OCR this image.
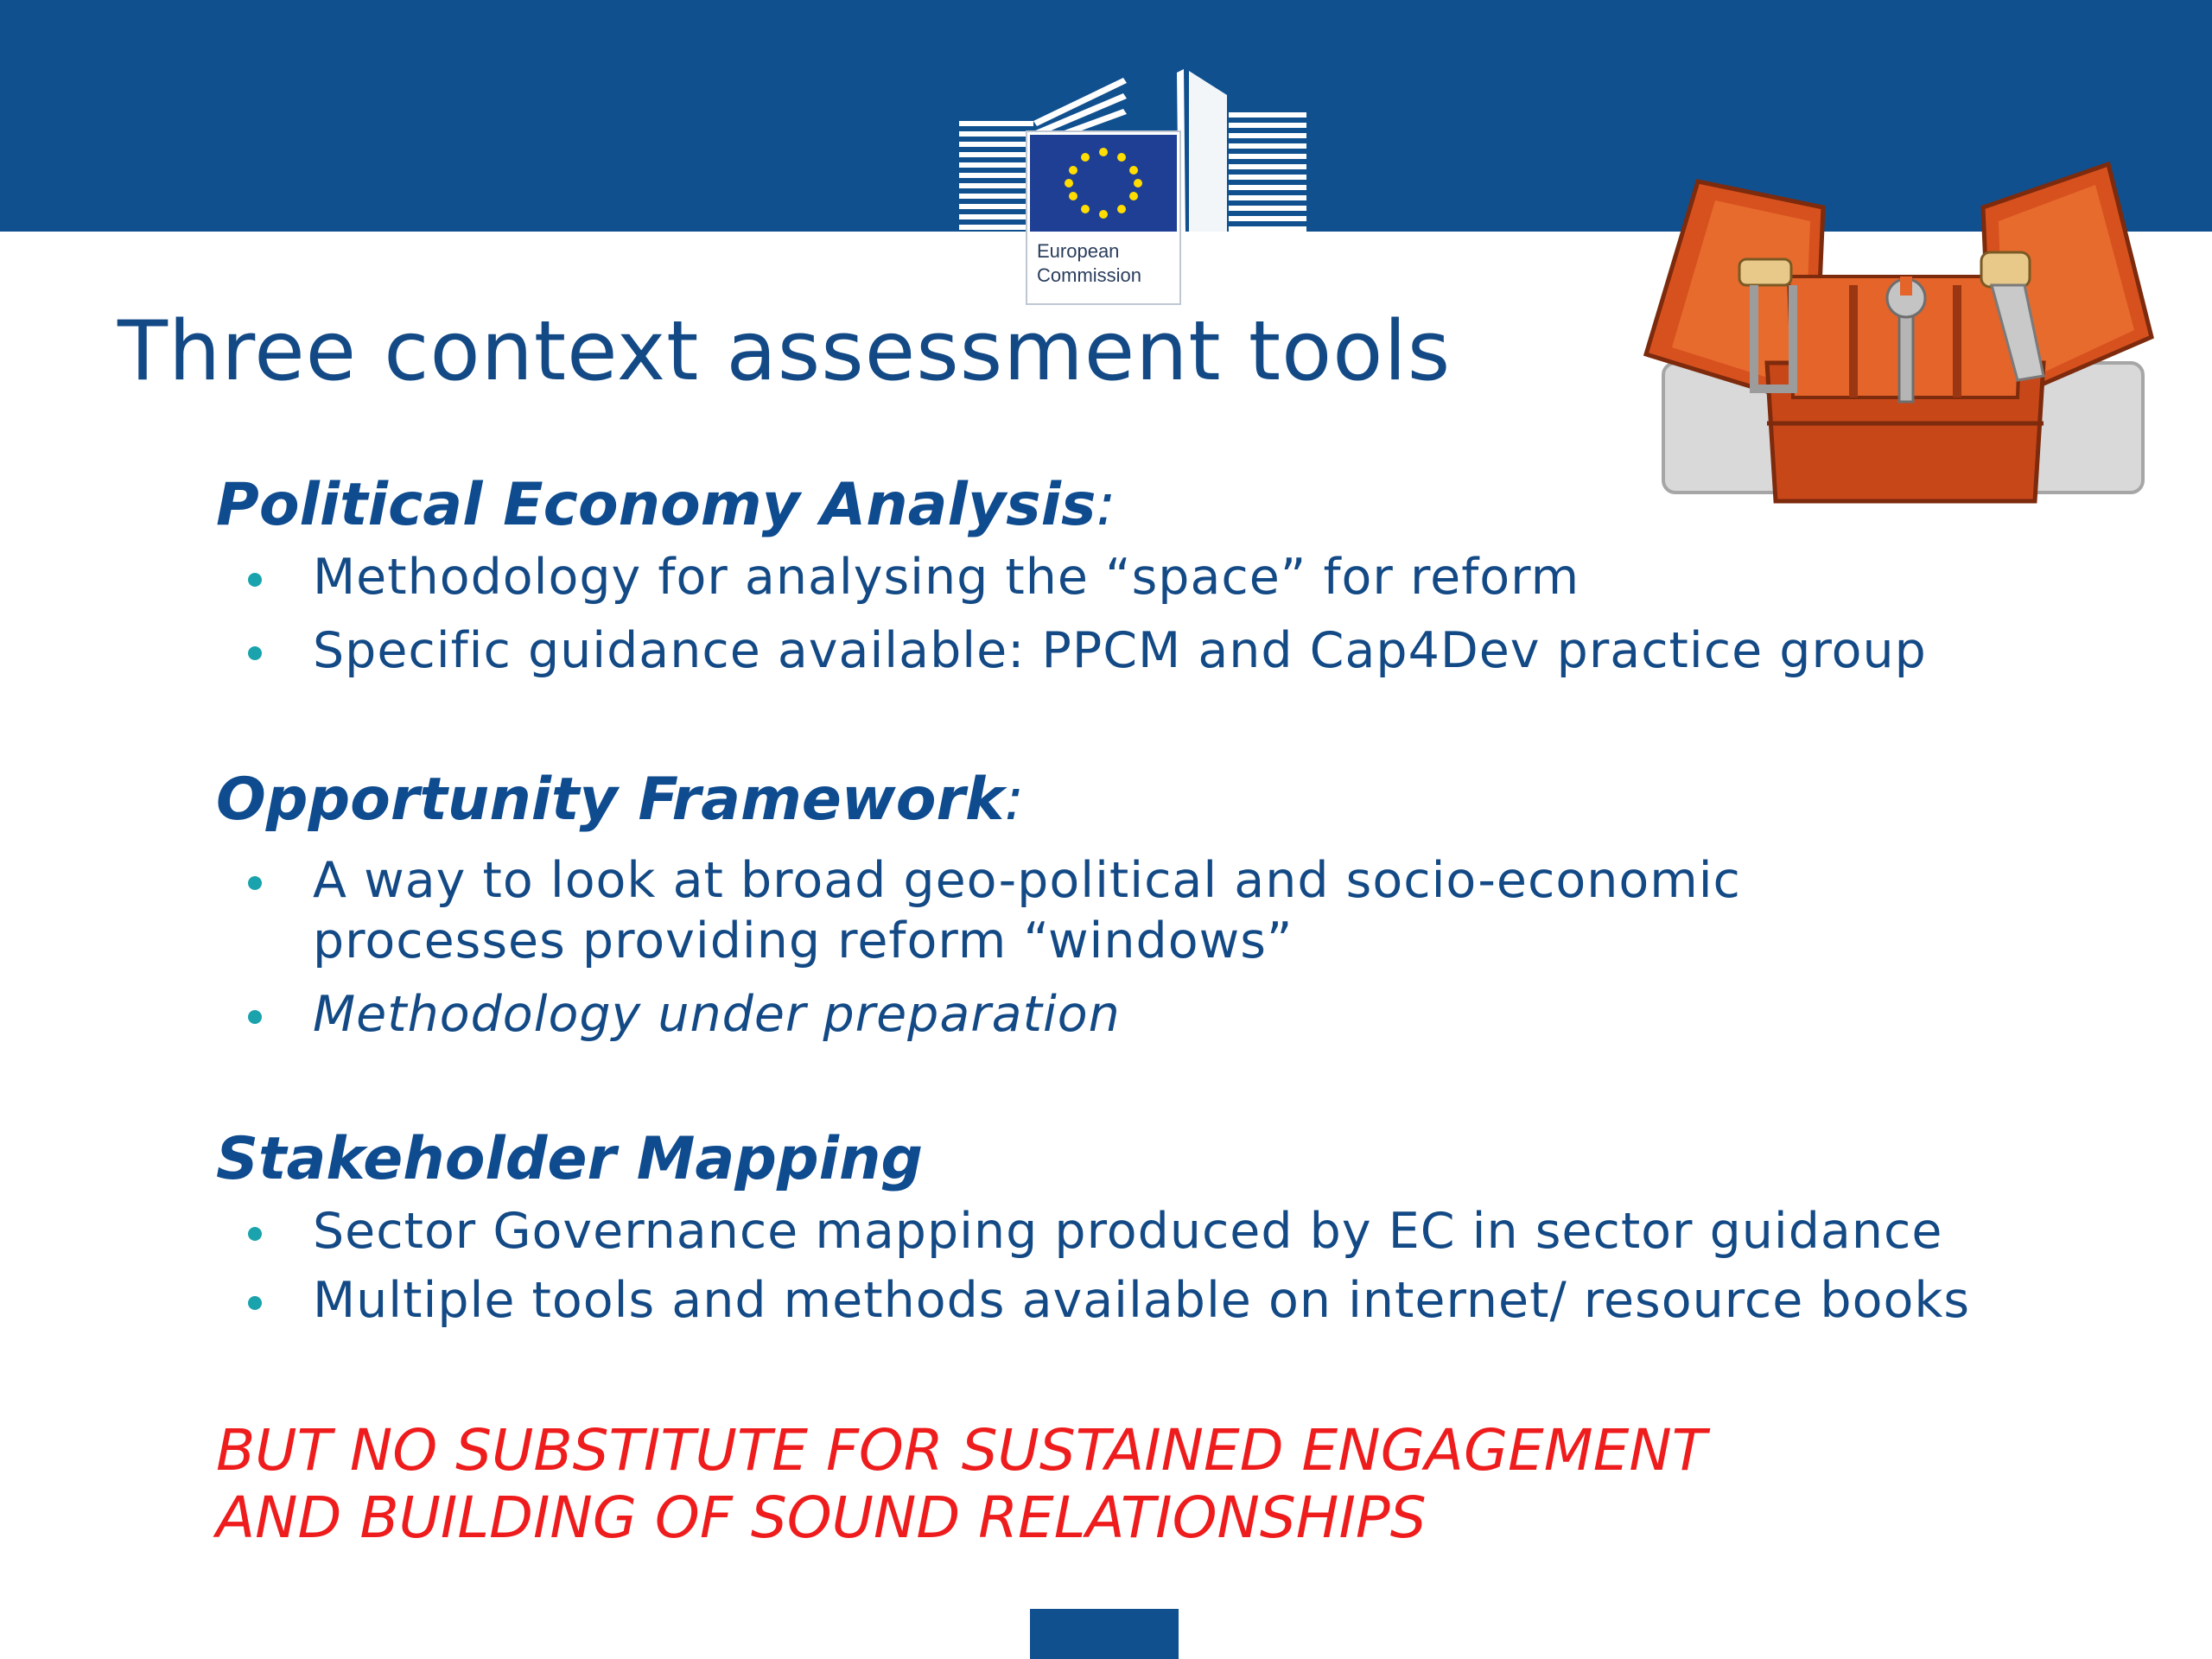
European
Commission
Three context assessment tools
Political Economy Analysis:
Methodology for analysing the “space” for reform
Specific guidance available: PPCM and Cap4Dev practice group
Opportunity Framework:
A way to look at broad geo-political and socio-economic
processes providing reform “windows”
Methodology under preparation
Stakeholder Mapping
Sector Governance mapping produced by EC in sector guidance
Multiple tools and methods available on internet/ resource books

BUT NO SUBSTITUTE FOR SUSTAINED ENGAGEMENT
AND BUILDING OF SOUND RELATIONSHIPS
